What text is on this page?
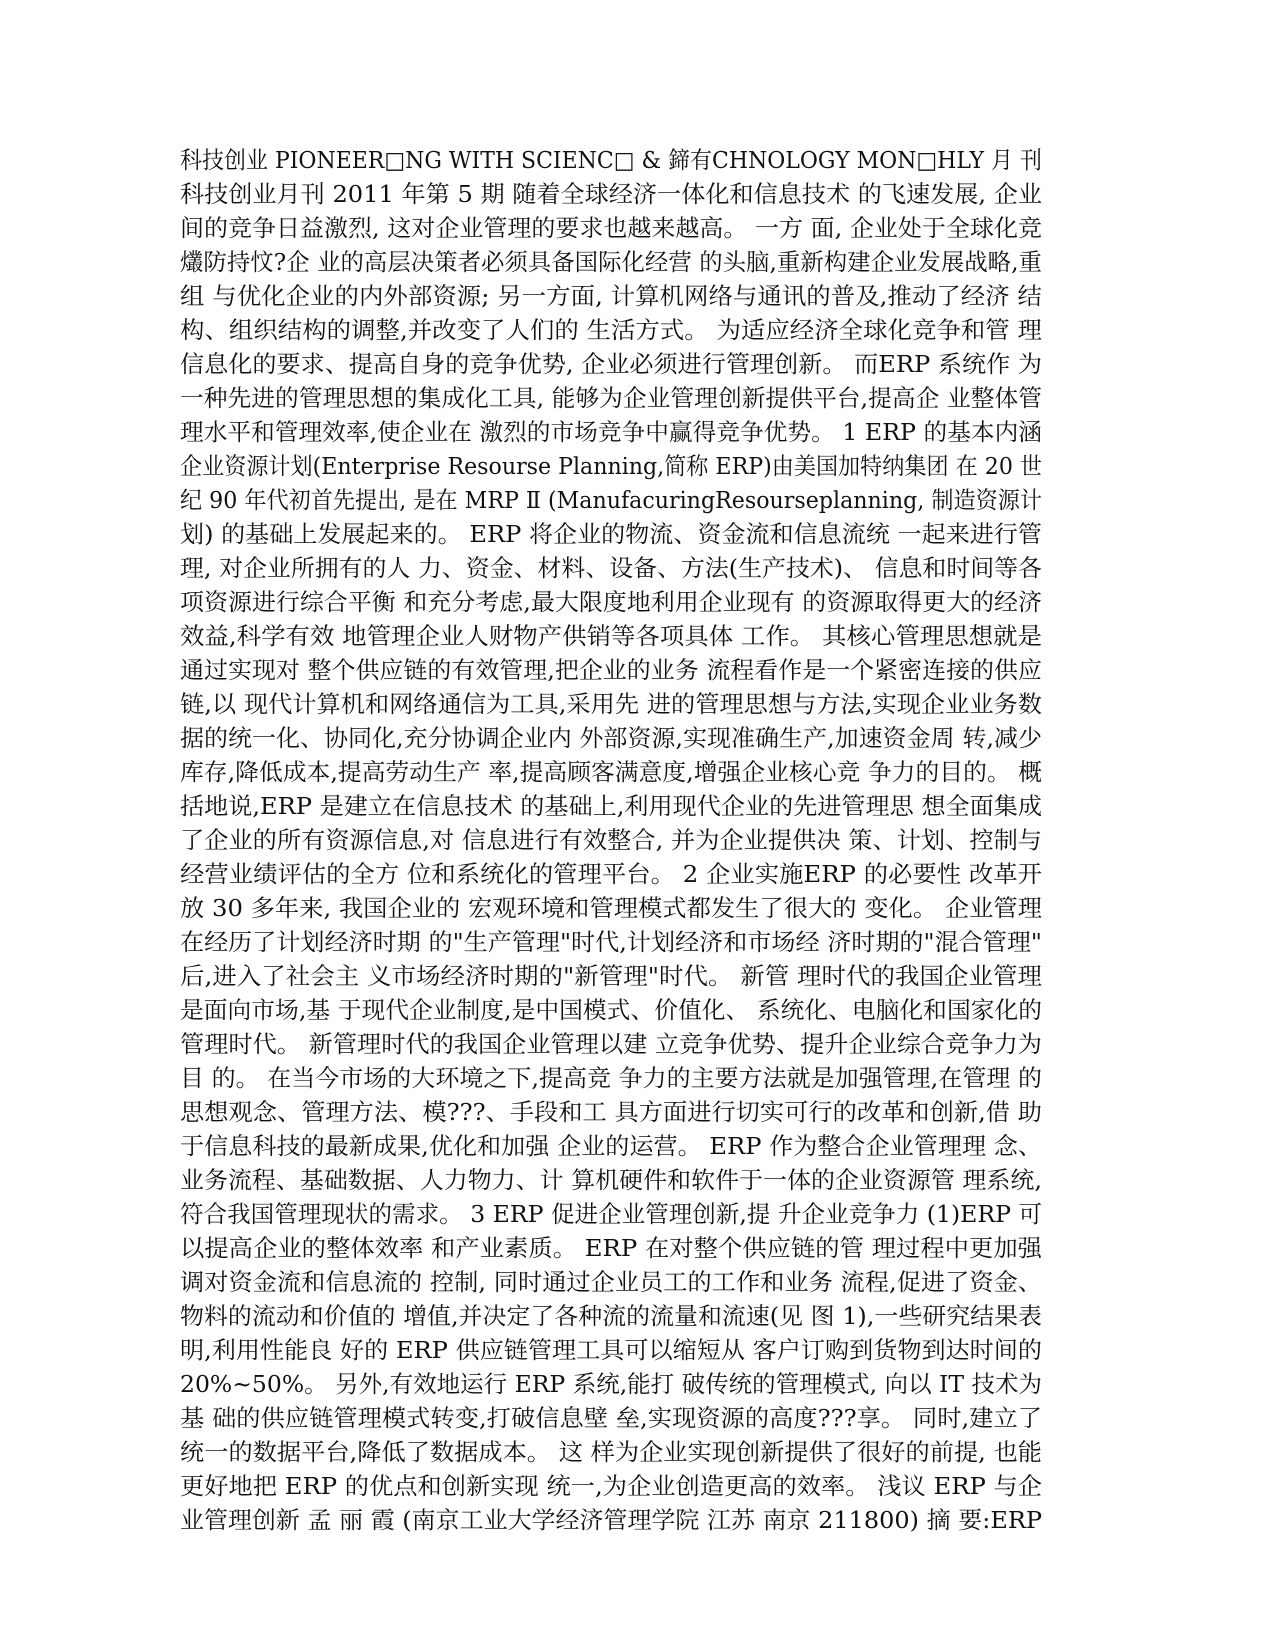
科技创业 PIONEER□NG WITH SCIENC□ & 鍗有CHNOLOGY MON□HLY 月 刊
科技创业月刊 2011 年第 5 期 随着全球经济一体化和信息技术 的飞速发展, 企业
间的竞争日益激烈, 这对企业管理的要求也越来越高。 一方 面, 企业处于全球化竞
爜防持忟?企 业的高层决策者必须具备国际化经营 的头脑,重新构建企业发展战略,重
组 与优化企业的内外部资源; 另一方面, 计算机网络与通讯的普及,推动了经济 结
构、组织结构的调整,并改变了人们的 生活方式。 为适应经济全球化竞争和管 理
信息化的要求、提高自身的竞争优势, 企业必须进行管理创新。 而ERP 系统作 为
一种先进的管理思想的集成化工具, 能够为企业管理创新提供平台,提高企 业整体管
理水平和管理效率,使企业在 激烈的市场竞争中赢得竞争优势。 1 ERP 的基本内涵
企业资源计划(Enterprise Resourse Planning,简称 ERP)由美国加特纳集团 在 20 世
纪 90 年代初首先提出, 是在 MRP Ⅱ (ManufacuringResourseplanning, 制造资源计
划) 的基础上发展起来的。 ERP 将企业的物流、资金流和信息流统 一起来进行管
理, 对企业所拥有的人 力、资金、材料、设备、方法(生产技术)、 信息和时间等各
项资源进行综合平衡 和充分考虑,最大限度地利用企业现有 的资源取得更大的经济
效益,科学有效 地管理企业人财物产供销等各项具体 工作。 其核心管理思想就是
通过实现对 整个供应链的有效管理,把企业的业务 流程看作是一个紧密连接的供应
链,以 现代计算机和网络通信为工具,采用先 进的管理思想与方法,实现企业业务数
据的统一化、协同化,充分协调企业内 外部资源,实现准确生产,加速资金周 转,减少
库存,降低成本,提高劳动生产 率,提高顾客满意度,增强企业核心竞 争力的目的。 概
括地说,ERP 是建立在信息技术 的基础上,利用现代企业的先进管理思 想全面集成
了企业的所有资源信息,对 信息进行有效整合, 并为企业提供决 策、计划、控制与
经营业绩评估的全方 位和系统化的管理平台。 2 企业实施ERP 的必要性 改革开
放 30 多年来, 我国企业的 宏观环境和管理模式都发生了很大的 变化。 企业管理
在经历了计划经济时期 的"生产管理"时代,计划经济和市场经 济时期的"混合管理"
后,进入了社会主 义市场经济时期的"新管理"时代。 新管 理时代的我国企业管理
是面向市场,基 于现代企业制度,是中国模式、价值化、 系统化、电脑化和国家化的
管理时代。 新管理时代的我国企业管理以建 立竞争优势、提升企业综合竞争力为
目 的。 在当今市场的大环境之下,提高竞 争力的主要方法就是加强管理,在管理 的
思想观念、管理方法、模???、手段和工 具方面进行切实可行的改革和创新,借 助
于信息科技的最新成果,优化和加强 企业的运营。 ERP 作为整合企业管理理 念、
业务流程、基础数据、人力物力、计 算机硬件和软件于一体的企业资源管 理系统,
符合我国管理现状的需求。 3 ERP 促进企业管理创新,提 升企业竞争力 (1)ERP 可
以提高企业的整体效率 和产业素质。 ERP 在对整个供应链的管 理过程中更加强
调对资金流和信息流的 控制, 同时通过企业员工的工作和业务 流程,促进了资金、
物料的流动和价值的 增值,并决定了各种流的流量和流速(见 图 1),一些研究结果表
明,利用性能良 好的 ERP 供应链管理工具可以缩短从 客户订购到货物到达时间的
20%~50%。 另外,有效地运行 ERP 系统,能打 破传统的管理模式, 向以 IT 技术为
基 础的供应链管理模式转变,打破信息壁 垒,实现资源的高度???享。 同时,建立了
统一的数据平台,降低了数据成本。 这 样为企业实现创新提供了很好的前提, 也能
更好地把 ERP 的优点和创新实现 统一,为企业创造更高的效率。 浅议 ERP 与企
业管理创新 孟 丽 霞 (南京工业大学经济管理学院 江苏 南京 211800) 摘 要:ERP
